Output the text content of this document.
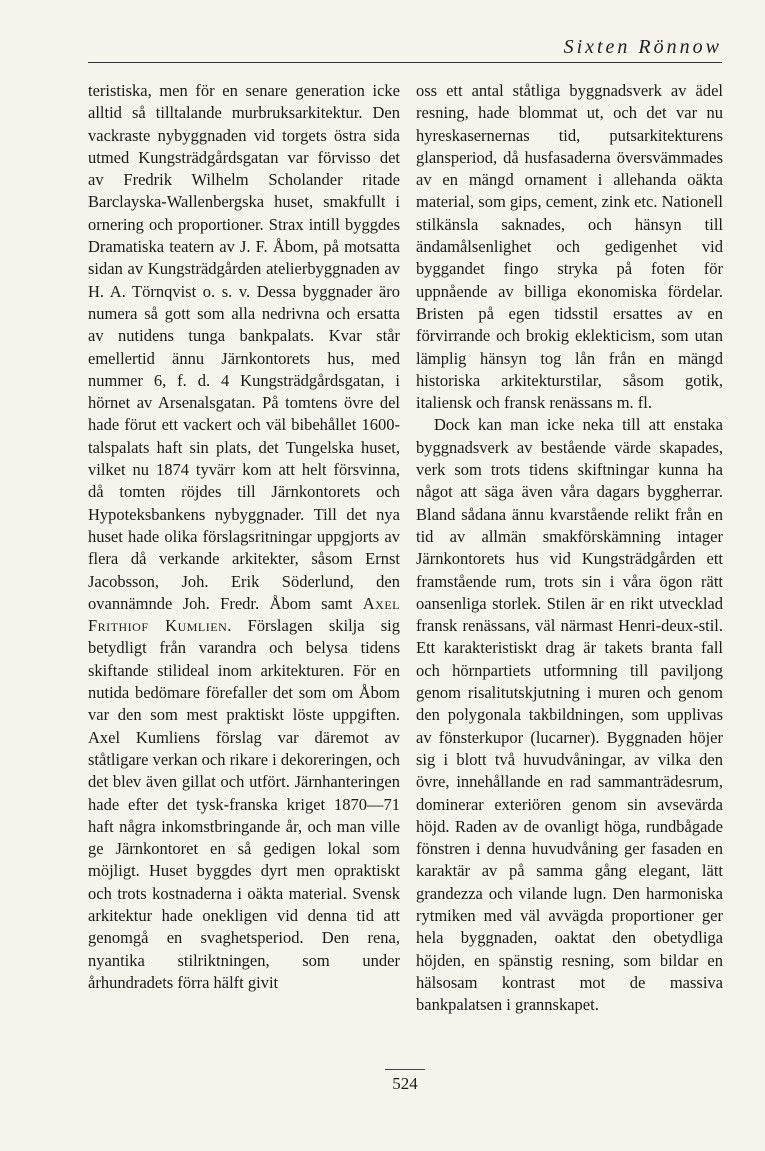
Sixten Rönnow

teristiska, men för en senare generation icke alltid så tilltalande murbruksarkitektur. Den vackraste nybyggnaden vid torgets östra sida utmed Kungsträdgårdsgatan var förvisso det av Fredrik Wilhelm Scholander ritade Barclayska-Wallenbergska huset, smakfullt i ornering och proportioner. Strax intill byggdes Dramatiska teatern av J. F. Åbom, på motsatta sidan av Kungsträdgården atelierbyggnaden av H. A. Törnqvist o. s. v. Dessa byggnader äro numera så gott som alla nedrivna och ersatta av nutidens tunga bankpalats. Kvar står emellertid ännu Järnkontorets hus, med nummer 6, f. d. 4 Kungsträdgårdsgatan, i hörnet av Arsenalsgatan. På tomtens övre del hade förut ett vackert och väl bibehållet 1600-talspalats haft sin plats, det Tungelska huset, vilket nu 1874 tyvärr kom att helt försvinna, då tomten röjdes till Järnkontorets och Hypoteksbankens nybyggnader. Till det nya huset hade olika förslagsritningar uppgjorts av flera då verkande arkitekter, såsom Ernst Jacobsson, Joh. Erik Söderlund, den ovannämnde Joh. Fredr. Åbom samt Axel Frithiof Kumlien. Förslagen skilja sig betydligt från varandra och belysa tidens skiftande stilideal inom arkitekturen. För en nutida bedömare förefaller det som om Åbom var den som mest praktiskt löste uppgiften. Axel Kumliens förslag var däremot av ståtligare verkan och rikare i dekoreringen, och det blev även gillat och utfört. Järnhanteringen hade efter det tysk-franska kriget 1870—71 haft några inkomstbringande år, och man ville ge Järnkontoret en så gedigen lokal som möjligt. Huset byggdes dyrt men opraktiskt och trots kostnaderna i oäkta material. Svensk arkitektur hade onekligen vid denna tid att genomgå en svaghetsperiod. Den rena, nyantika stilriktningen, som under århundradets förra hälft givit

oss ett antal ståtliga byggnadsverk av ädel resning, hade blommat ut, och det var nu hyreskasernernas tid, putsarkitekturens glansperiod, då husfasaderna översvämmades av en mängd ornament i allehanda oäkta material, som gips, cement, zink etc. Nationell stilkänsla saknades, och hänsyn till ändamålsenlighet och gedigenhet vid byggandet fingo stryka på foten för uppnående av billiga ekonomiska fördelar. Bristen på egen tidsstil ersattes av en förvirrande och brokig eklekticism, som utan lämplig hänsyn tog lån från en mängd historiska arkitekturstilar, såsom gotik, italiensk och fransk renässans m. fl.

Dock kan man icke neka till att enstaka byggnadsverk av bestående värde skapades, verk som trots tidens skiftningar kunna ha något att säga även våra dagars byggherrar. Bland sådana ännu kvarstående relikt från en tid av allmän smakförskämning intager Järnkontorets hus vid Kungsträdgården ett framstående rum, trots sin i våra ögon rätt oansenliga storlek. Stilen är en rikt utvecklad fransk renässans, väl närmast Henri-deux-stil. Ett karakteristiskt drag är takets branta fall och hörnpartiets utformning till paviljong genom risalitutskjutning i muren och genom den polygonala takbildningen, som upplivas av fönsterkupor (lucarner). Byggnaden höjer sig i blott två huvudvåningar, av vilka den övre, innehållande en rad sammanträdesrum, dominerar exteriören genom sin avsevärda höjd. Raden av de ovanligt höga, rundbågade fönstren i denna huvudvåning ger fasaden en karaktär av på samma gång elegant, lätt grandezza och vilande lugn. Den harmoniska rytmiken med väl avvägda proportioner ger hela byggnaden, oaktat den obetydliga höjden, en spänstig resning, som bildar en hälsosam kontrast mot de massiva bankpalatsen i grannskapet.

524
